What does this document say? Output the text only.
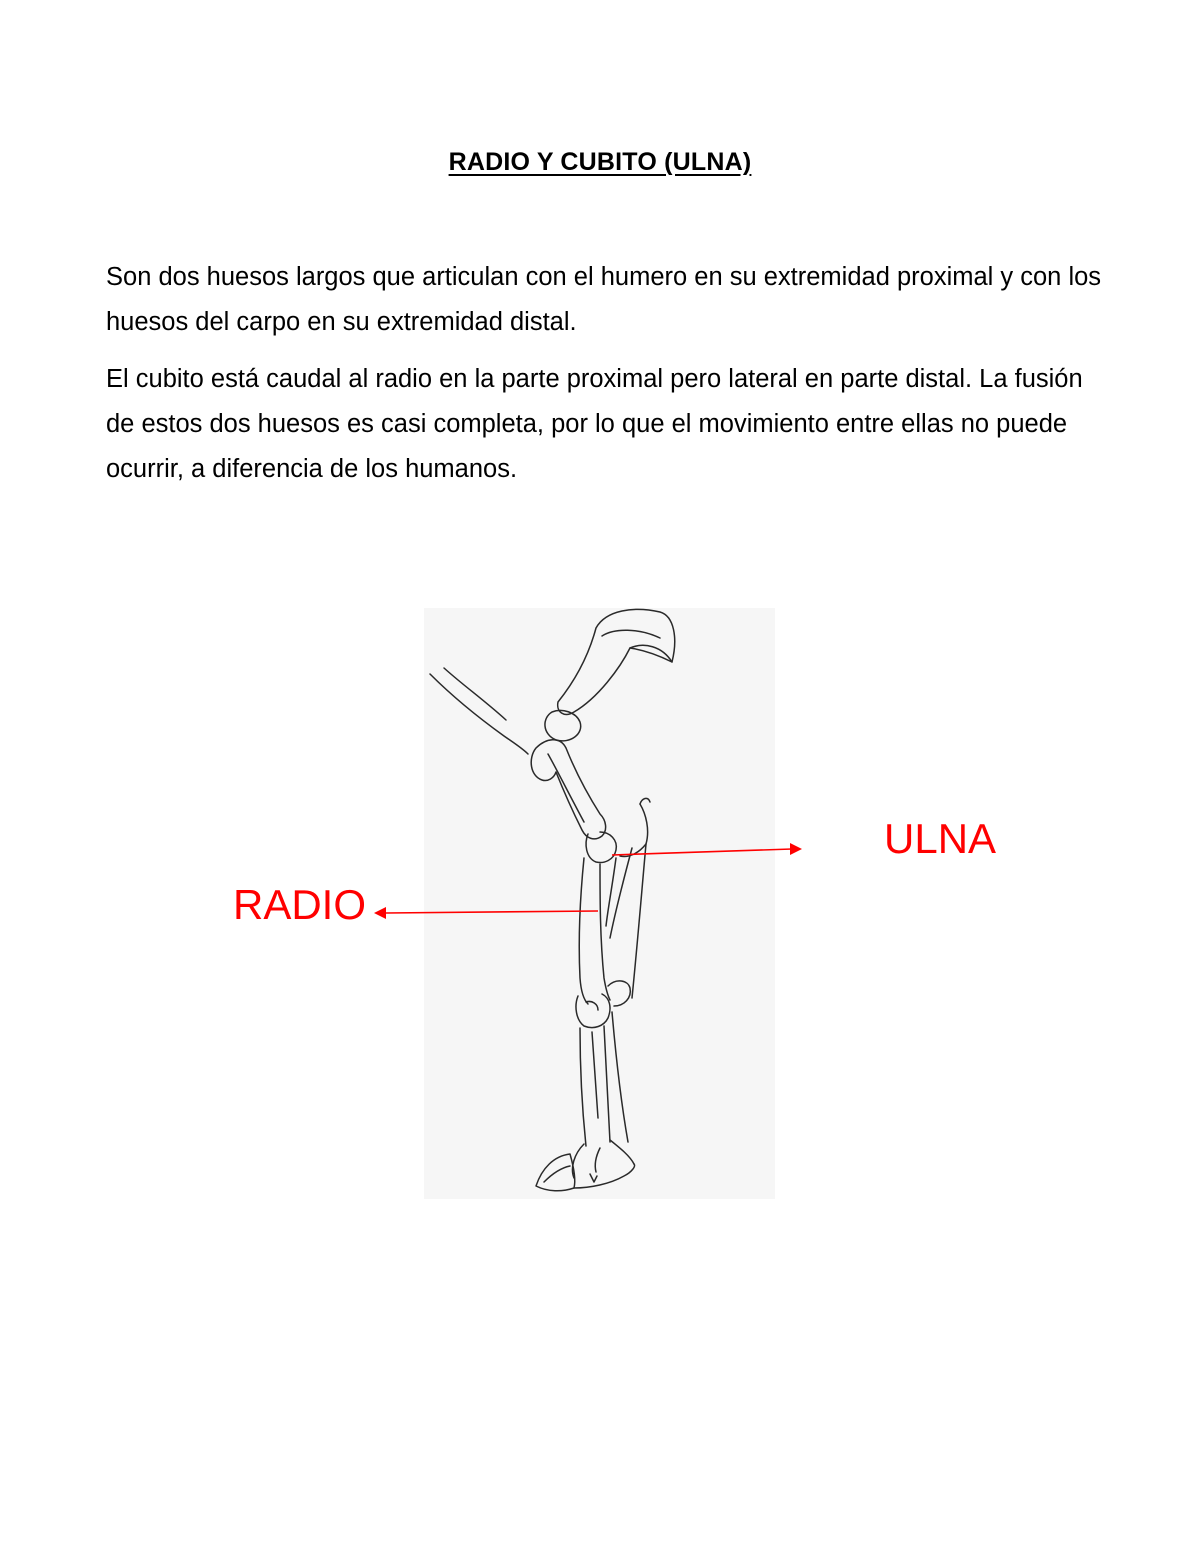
RADIO Y CUBITO (ULNA)

Son dos huesos largos que articulan con el humero en su extremidad proximal y con los huesos del carpo en su extremidad distal.

El cubito está caudal al radio en la parte proximal pero lateral en parte distal. La fusión de estos dos huesos es casi completa, por lo que el movimiento entre ellas no puede ocurrir, a diferencia de los humanos.

ULNA
RADIO
